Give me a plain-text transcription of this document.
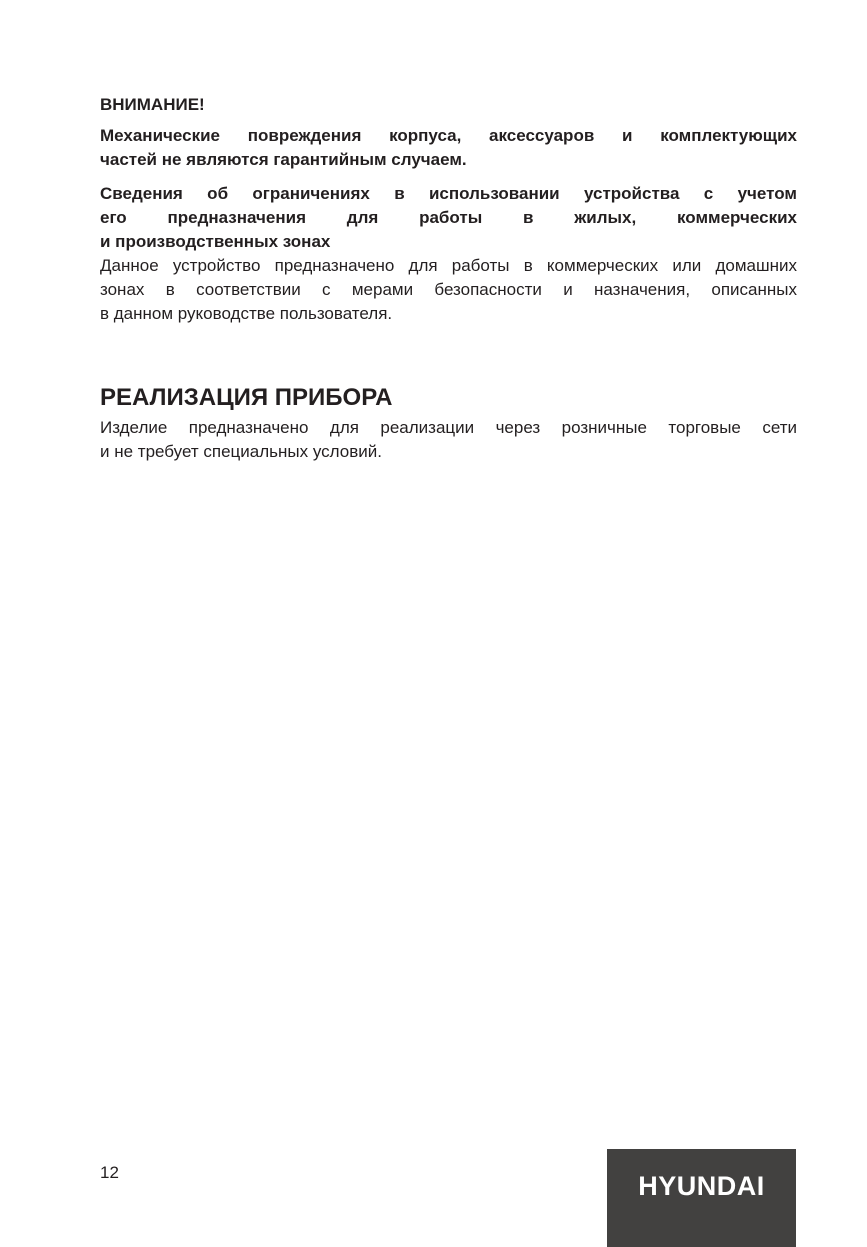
ВНИМАНИЕ!
Механические повреждения корпуса, аксессуаров и комплектующих
частей не являются гарантийным случаем.
Сведения об ограничениях в использовании устройства с учетом
его предназначения для работы в жилых, коммерческих
и производственных зонах
Данное устройство предназначено для работы в коммерческих или домашних
зонах в соответствии с мерами безопасности и назначения, описанных
в данном руководстве пользователя.
РЕАЛИЗАЦИЯ ПРИБОРА
Изделие предназначено для реализации через розничные торговые сети
и не требует специальных условий.
12	HYUNDAI
